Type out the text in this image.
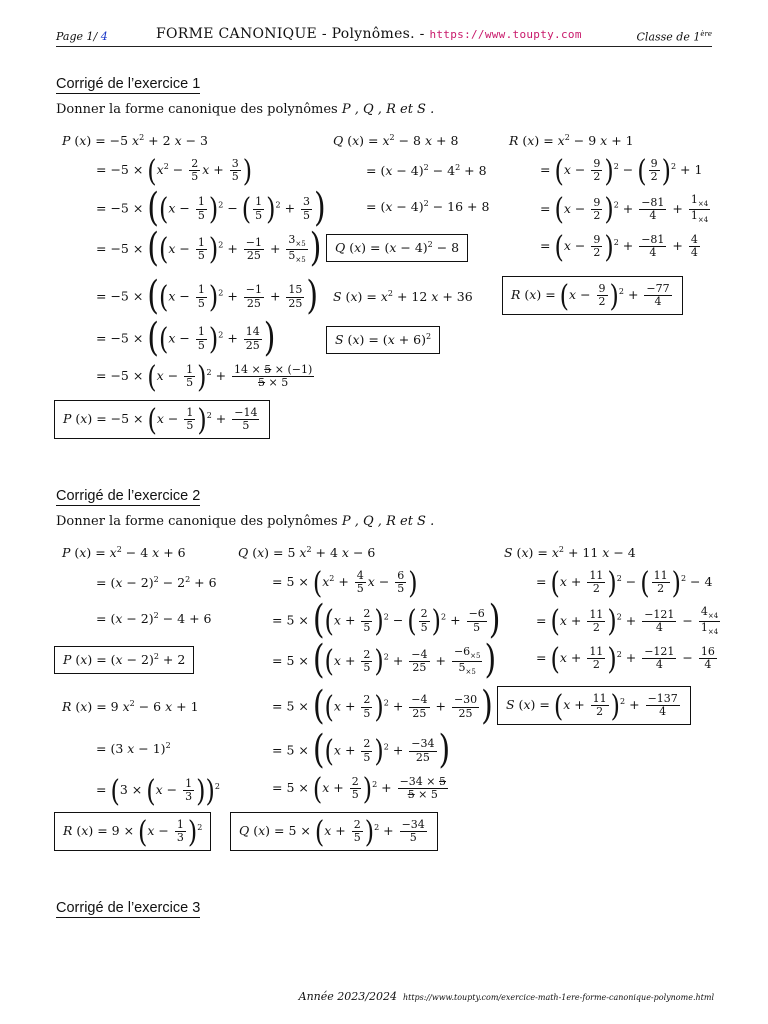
Page 1/ 4	FORME CANONIQUE - Polynômes. - https://www.toupty.com	Classe de 1ère
Corrigé de l’exercice 1
Donner la forme canonique des polynômes P , Q , R et S .
P (x) = −5 $x^2 + 2$ x − 3
= $-5 \times (x^2 - \frac{2}{5}$ $x + \frac{3}{5}$ )
= $-5 \times ((x - \frac{1}{5} )^2$ − ( $\frac{1}{5} )^2 + \frac{3}{5}$ )
= $-5 \times ((x - \frac{1}{5} )^2 + \frac{-1}{25} + \frac{3_{\times 5}}{5_{\times 5}}$ )
= $-5 \times ((x - \frac{1}{5} )^2 + \frac{-1}{25} + \frac{15}{25}$ )
= $-5 \times ((x - \frac{1}{5} )^2 + \frac{14}{25}$ )
= $-5 \times (x - \frac{1}{5} )^2 + \frac{14 \times 5 \times (-1)}{5 \times 5}$
P $(x) = -5 \times (x - \frac{1}{5} )^2 + \frac{-14}{5}$
Q $(x) = x^2 - 8$ x + 8
= $(x - 4)^2 - 4^2 + 8$
= $(x - 4)^2 - 16 + 8$
Q $(x) = (x - 4)^2 - 8$
S $(x) = x^2 + 12$ x + 36
S $(x) = (x + 6)^2$
R $(x) = x^2 - 9$ x + 1
= $(x - \frac{9}{2} )^2$ − ( $\frac{9}{2} )^2 + 1$
= $(x - \frac{9}{2} )^2 + \frac{-81}{4} + \frac{1_{\times 4}}{1_{\times 4}}$
= $(x - \frac{9}{2} )^2 + \frac{-81}{4} + \frac{4}{4}$
R $(x) = (x - \frac{9}{2} )^2 + \frac{-77}{4}$
Corrigé de l’exercice 2
Donner la forme canonique des polynômes P , Q , R et S .
P $(x) = x^2 - 4$ x + 6
= $(x - 2)^2 - 2^2 + 6$
= $(x - 2)^2 - 4 + 6$
P $(x) = (x - 2)^2 + 2$
R (x) = 9 $x^2 - 6$ x + 1
= (3 x − 1)$^2$
= $(3 \times (x - \frac{1}{3} ))^2$
R $(x) = 9 \times (x - \frac{1}{3} )^2$
Q (x) = 5 $x^2 + 4$ x − 6
= $5 \times (x^2 + \frac{4}{5}$ $x - \frac{6}{5}$ )
= $5 \times ((x + \frac{2}{5} )^2$ − ( $\frac{2}{5} )^2 + \frac{-6}{5}$ )
= $5 \times ((x + \frac{2}{5} )^2 + \frac{-4}{25} + \frac{-6_{\times 5}}{5_{\times 5}}$ )
= $5 \times ((x + \frac{2}{5} )^2 + \frac{-4}{25} + \frac{-30}{25}$ )
= $5 \times ((x + \frac{2}{5} )^2 + \frac{-34}{25}$ )
= $5 \times (x + \frac{2}{5} )^2 + \frac{-34 \times 5}{5 \times 5}$
Q $(x) = 5 \times (x + \frac{2}{5} )^2 + \frac{-34}{5}$
S $(x) = x^2 + 11$ x − 4
= $(x + \frac{11}{2} )^2$ − ( $\frac{11}{2} )^2 - 4$
= $(x + \frac{11}{2} )^2 + \frac{-121}{4} - \frac{4_{\times 4}}{1_{\times 4}}$
= $(x + \frac{11}{2} )^2 + \frac{-121}{4} - \frac{16}{4}$
S $(x) = (x + \frac{11}{2} )^2 + \frac{-137}{4}$
Corrigé de l’exercice 3
Année 2023/2024 https://www.toupty.com/exercice-math-1ere-forme-canonique-polynome.html
